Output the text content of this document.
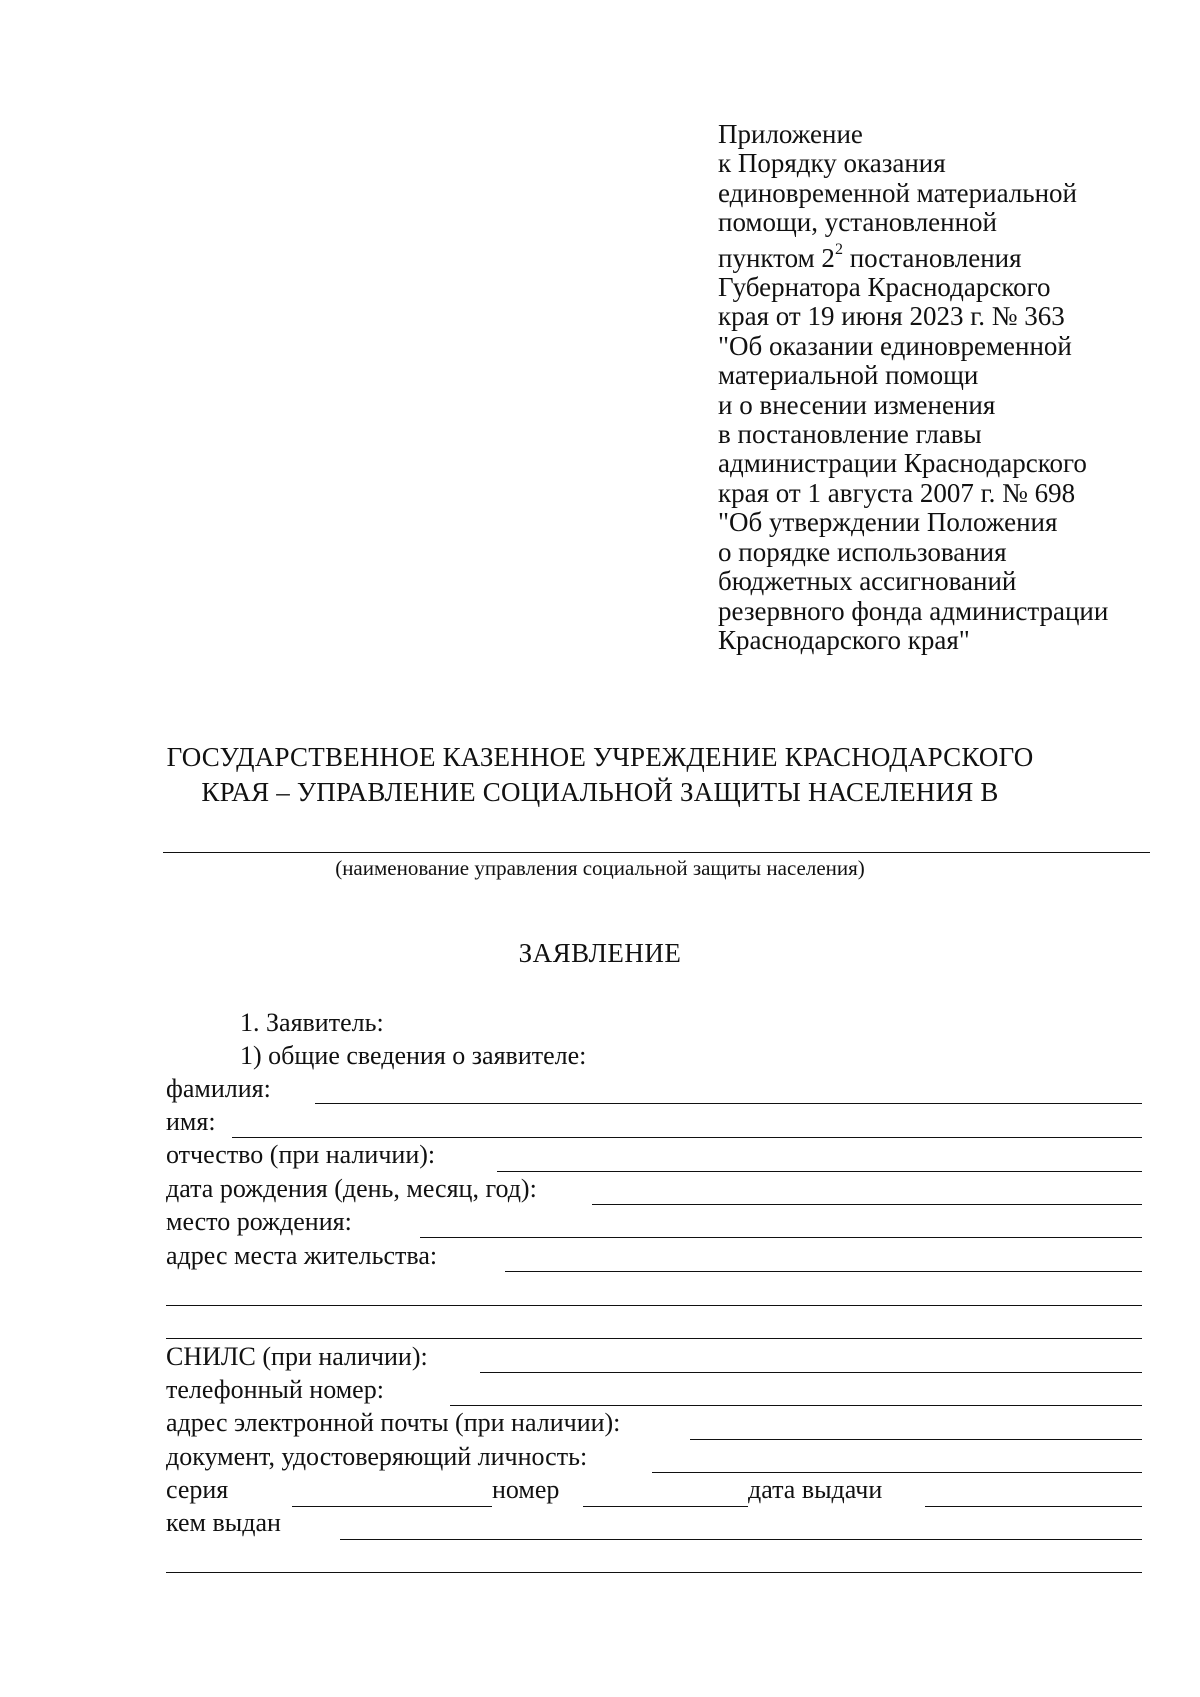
Приложение
к Порядку оказания
единовременной материальной
помощи, установленной
пунктом $2^2$ постановления
Губернатора Краснодарского
края от 19 июня 2023 г. № 363
"Об оказании единовременной
материальной помощи
и о внесении изменения
в постановление главы
администрации Краснодарского
края от 1 августа 2007 г. № 698
"Об утверждении Положения
о порядке использования
бюджетных ассигнований
резервного фонда администрации
Краснодарского края"
ГОСУДАРСТВЕННОЕ КАЗЕННОЕ УЧРЕЖДЕНИЕ КРАСНОДАРСКОГО
КРАЯ – УПРАВЛЕНИЕ СОЦИАЛЬНОЙ ЗАЩИТЫ НАСЕЛЕНИЯ В
(наименование управления социальной защиты населения)
ЗАЯВЛЕНИЕ
1. Заявитель:
1) общие сведения о заявителе:
фамилия:
имя:
отчество (при наличии):
дата рождения (день, месяц, год):
место рождения:
адрес места жительства:
СНИЛС (при наличии):
телефонный номер:
адрес электронной почты (при наличии):
документ, удостоверяющий личность:
серия	номер	дата выдачи
кем выдан
